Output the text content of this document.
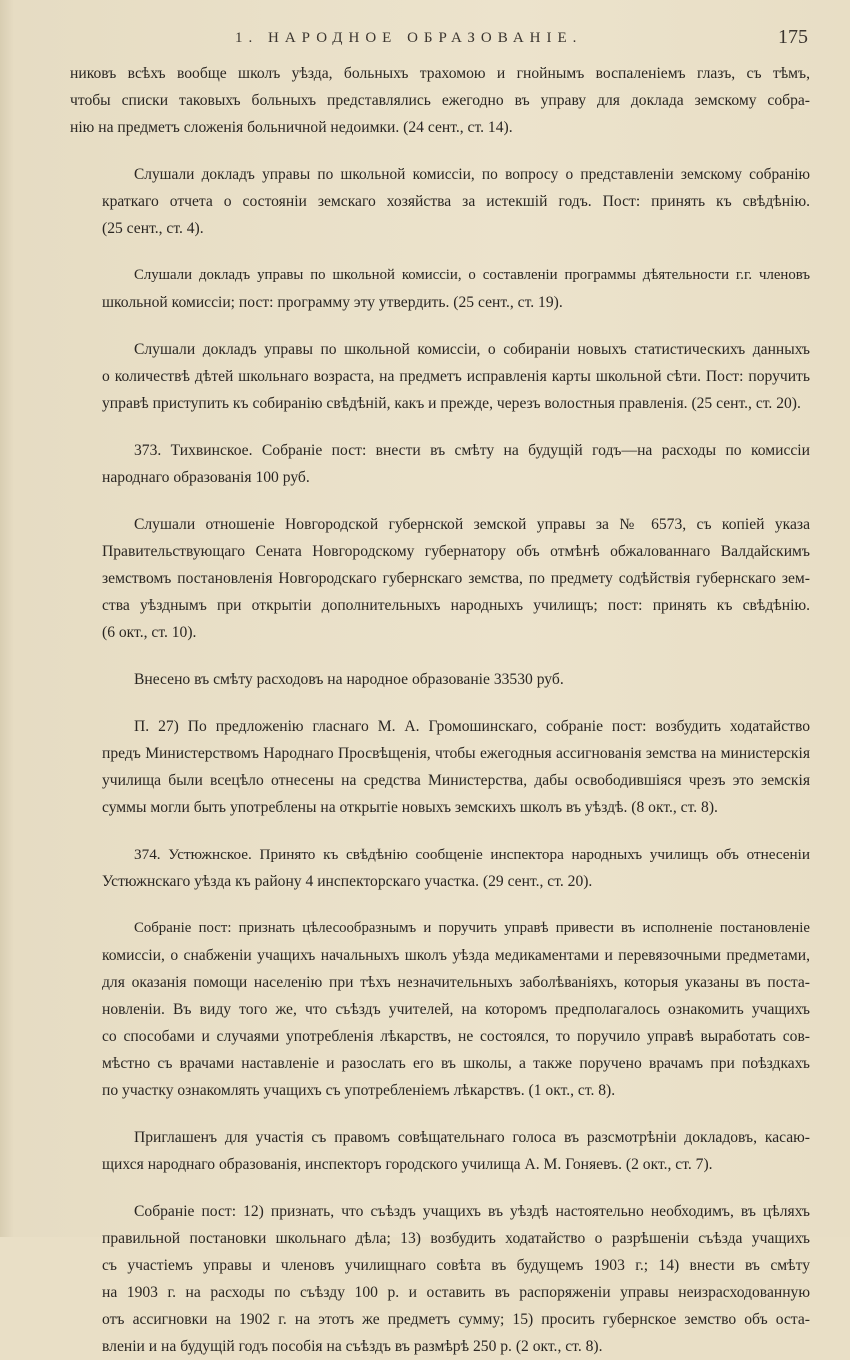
1. НАРОДНОЕ ОБРАЗОВАНІЕ.	175

никовъ всѣхъ вообще школъ уѣзда, больныхъ трахомою и гнойнымъ воспаленіемъ глазъ, съ тѣмъ,
чтобы списки таковыхъ больныхъ представлялись ежегодно въ управу для доклада земскому собра-
нію на предметъ сложенія больничной недоимки. (24 сент., ст. 14).

Слушали докладъ управы по школьной комиссіи, по вопросу о представленіи земскому собранію
краткаго отчета о состояніи земскаго хозяйства за истекшій годъ. Пост: принять къ свѣдѣнію.
(25 сент., ст. 4).

Слушали докладъ управы по школьной комиссіи, о составленіи программы дѣятельности г.г. членовъ
школьной комиссіи; пост: программу эту утвердить. (25 сент., ст. 19).

Слушали докладъ управы по школьной комиссіи, о собираніи новыхъ статистическихъ данныхъ
о количествѣ дѣтей школьнаго возраста, на предметъ исправленія карты школьной сѣти. Пост: поручить
управѣ приступить къ собиранію свѣдѣній, какъ и прежде, черезъ волостныя правленія. (25 сент., ст. 20).

373. Тихвинское. Собраніе пост: внести въ смѣту на будущій годъ—на расходы по комиссіи
народнаго образованія 100 руб.

Слушали отношеніе Новгородской губернской земской управы за № 6573, съ копіей указа
Правительствующаго Сената Новгородскому губернатору объ отмѣнѣ обжалованнаго Валдайскимъ
земствомъ постановленія Новгородскаго губернскаго земства, по предмету содѣйствія губернскаго зем-
ства уѣзднымъ при открытіи дополнительныхъ народныхъ училищъ; пост: принять къ свѣдѣнію.
(6 окт., ст. 10).

Внесено въ смѣту расходовъ на народное образованіе 33530 руб.

П. 27) По предложенію гласнаго М. А. Громошинскаго, собраніе пост: возбудить ходатайство
предъ Министерствомъ Народнаго Просвѣщенія, чтобы ежегодныя ассигнованія земства на министерскія
училища были всецѣло отнесены на средства Министерства, дабы освободившіяся чрезъ это земскія
суммы могли быть употреблены на открытіе новыхъ земскихъ школъ въ уѣздѣ. (8 окт., ст. 8).

374. Устюжнское. Принято къ свѣдѣнію сообщеніе инспектора народныхъ училищъ объ отнесеніи
Устюжнскаго уѣзда къ району 4 инспекторскаго участка. (29 сент., ст. 20).

Собраніе пост: признать цѣлесообразнымъ и поручить управѣ привести въ исполненіе постановленіе
комиссіи, о снабженіи учащихъ начальныхъ школъ уѣзда медикаментами и перевязочными предметами,
для оказанія помощи населенію при тѣхъ незначительныхъ заболѣваніяхъ, которыя указаны въ поста-
новленіи. Въ виду того же, что съѣздъ учителей, на которомъ предполагалось ознакомить учащихъ
со способами и случаями употребленія лѣкарствъ, не состоялся, то поручило управѣ выработать сов-
мѣстно съ врачами наставленіе и разослать его въ школы, а также поручено врачамъ при поѣздкахъ
по участку ознакомлять учащихъ съ употребленіемъ лѣкарствъ. (1 окт., ст. 8).

Приглашенъ для участія съ правомъ совѣщательнаго голоса въ разсмотрѣніи докладовъ, касаю-
щихся народнаго образованія, инспекторъ городского училища А. М. Гоняевъ. (2 окт., ст. 7).

Собраніе пост: 12) признать, что съѣздъ учащихъ въ уѣздѣ настоятельно необходимъ, въ цѣляхъ
правильной постановки школьнаго дѣла; 13) возбудить ходатайство о разрѣшеніи съѣзда учащихъ
съ участіемъ управы и членовъ училищнаго совѣта въ будущемъ 1903 г.; 14) внести въ смѣту
на 1903 г. на расходы по съѣзду 100 р. и оставить въ распоряженіи управы неизрасходованную
отъ ассигновки на 1902 г. на этотъ же предметъ сумму; 15) просить губернское земство объ оста-
вленіи и на будущій годъ пособія на съѣздъ въ размѣрѣ 250 р. (2 окт., ст. 8).
